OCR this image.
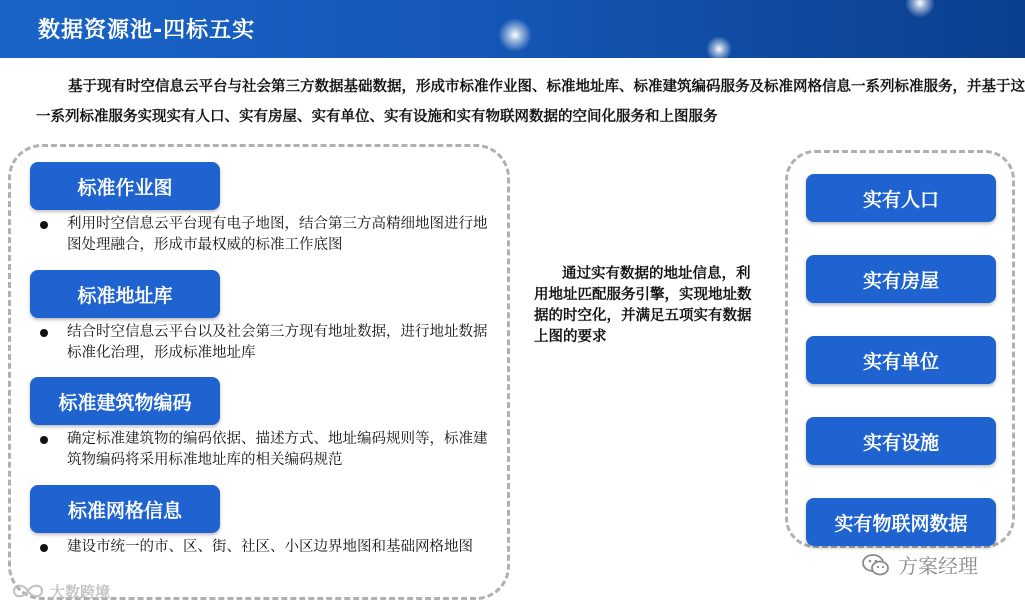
数据资源池-四标五实
基于现有时空信息云平台与社会第三方数据基础数据，形成市标准作业图、标准地址库、标准建筑编码服务及标准网格信息一系列标准服务，并基于这一系列标准服务实现实有人口、实有房屋、实有单位、实有设施和实有物联网数据的空间化服务和上图服务
标准作业图
利用时空信息云平台现有电子地图，结合第三方高精细地图进行地图处理融合，形成市最权威的标准工作底图
标准地址库
结合时空信息云平台以及社会第三方现有地址数据，进行地址数据标准化治理，形成标准地址库
标准建筑物编码
确定标准建筑物的编码依据、描述方式、地址编码规则等，标准建筑物编码将采用标准地址库的相关编码规范
标准网格信息
建设市统一的市、区、街、社区、小区边界地图和基础网格地图
通过实有数据的地址信息，利用地址匹配服务引擎，实现地址数据的时空化，并满足五项实有数据上图的要求
实有人口
实有房屋
实有单位
实有设施
实有物联网数据
方案经理
大数跨境
